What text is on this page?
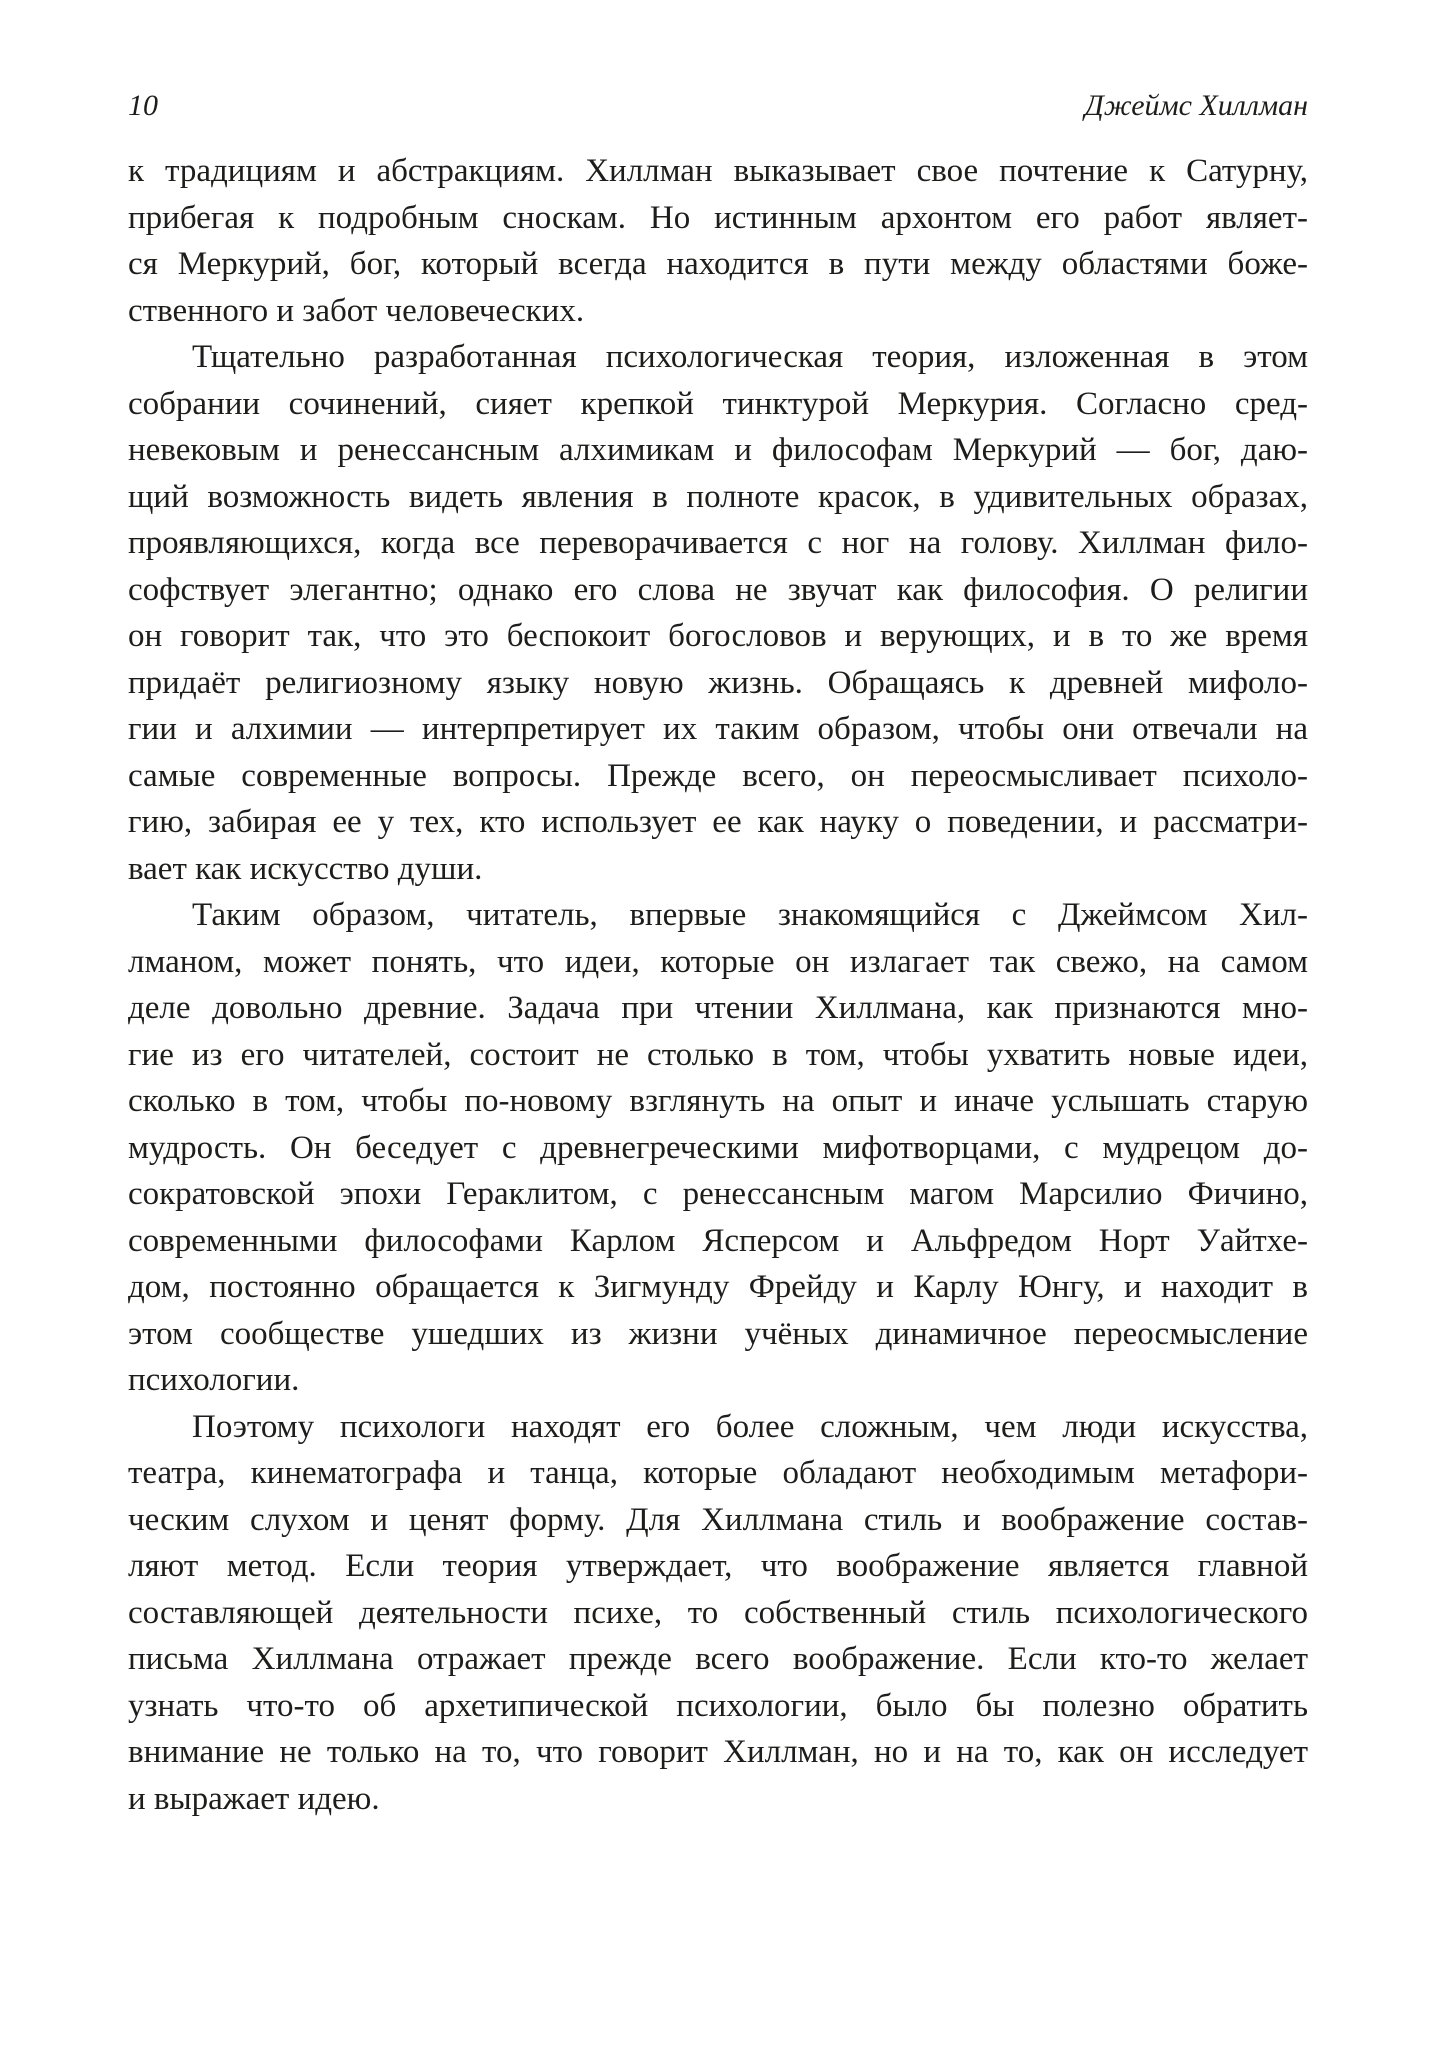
10	Джеймс Хиллман
к традициям и абстракциям. Хиллман выказывает свое почтение к Сатурну,
прибегая к подробным сноскам. Но истинным архонтом его работ являет-
ся Меркурий, бог, который всегда находится в пути между областями боже-
ственного и забот человеческих.
Тщательно разработанная психологическая теория, изложенная в этом
собрании сочинений, сияет крепкой тинктурой Меркурия. Согласно сред-
невековым и ренессансным алхимикам и философам Меркурий — бог, даю-
щий возможность видеть явления в полноте красок, в удивительных образах,
проявляющихся, когда все переворачивается с ног на голову. Хиллман фило-
софствует элегантно; однако его слова не звучат как философия. О религии
он говорит так, что это беспокоит богословов и верующих, и в то же время
придаёт религиозному языку новую жизнь. Обращаясь к древней мифоло-
гии и алхимии — интерпретирует их таким образом, чтобы они отвечали на
самые современные вопросы. Прежде всего, он переосмысливает психоло-
гию, забирая ее у тех, кто использует ее как науку о поведении, и рассматри-
вает как искусство души.
Таким образом, читатель, впервые знакомящийся с Джеймсом Хил-
лманом, может понять, что идеи, которые он излагает так свежо, на самом
деле довольно древние. Задача при чтении Хиллмана, как признаются мно-
гие из его читателей, состоит не столько в том, чтобы ухватить новые идеи,
сколько в том, чтобы по-новому взглянуть на опыт и иначе услышать старую
мудрость. Он беседует с древнегреческими мифотворцами, с мудрецом до-
сократовской эпохи Гераклитом, с ренессансным магом Марсилио Фичино,
современными философами Карлом Ясперсом и Альфредом Норт Уайтхе-
дом, постоянно обращается к Зигмунду Фрейду и Карлу Юнгу, и находит в
этом сообществе ушедших из жизни учёных динамичное переосмысление
психологии.
Поэтому психологи находят его более сложным, чем люди искусства,
театра, кинематографа и танца, которые обладают необходимым метафори-
ческим слухом и ценят форму. Для Хиллмана стиль и воображение состав-
ляют метод. Если теория утверждает, что воображение является главной
составляющей деятельности психе, то собственный стиль психологического
письма Хиллмана отражает прежде всего воображение. Если кто-то желает
узнать что-то об архетипической психологии, было бы полезно обратить
внимание не только на то, что говорит Хиллман, но и на то, как он исследует
и выражает идею.
